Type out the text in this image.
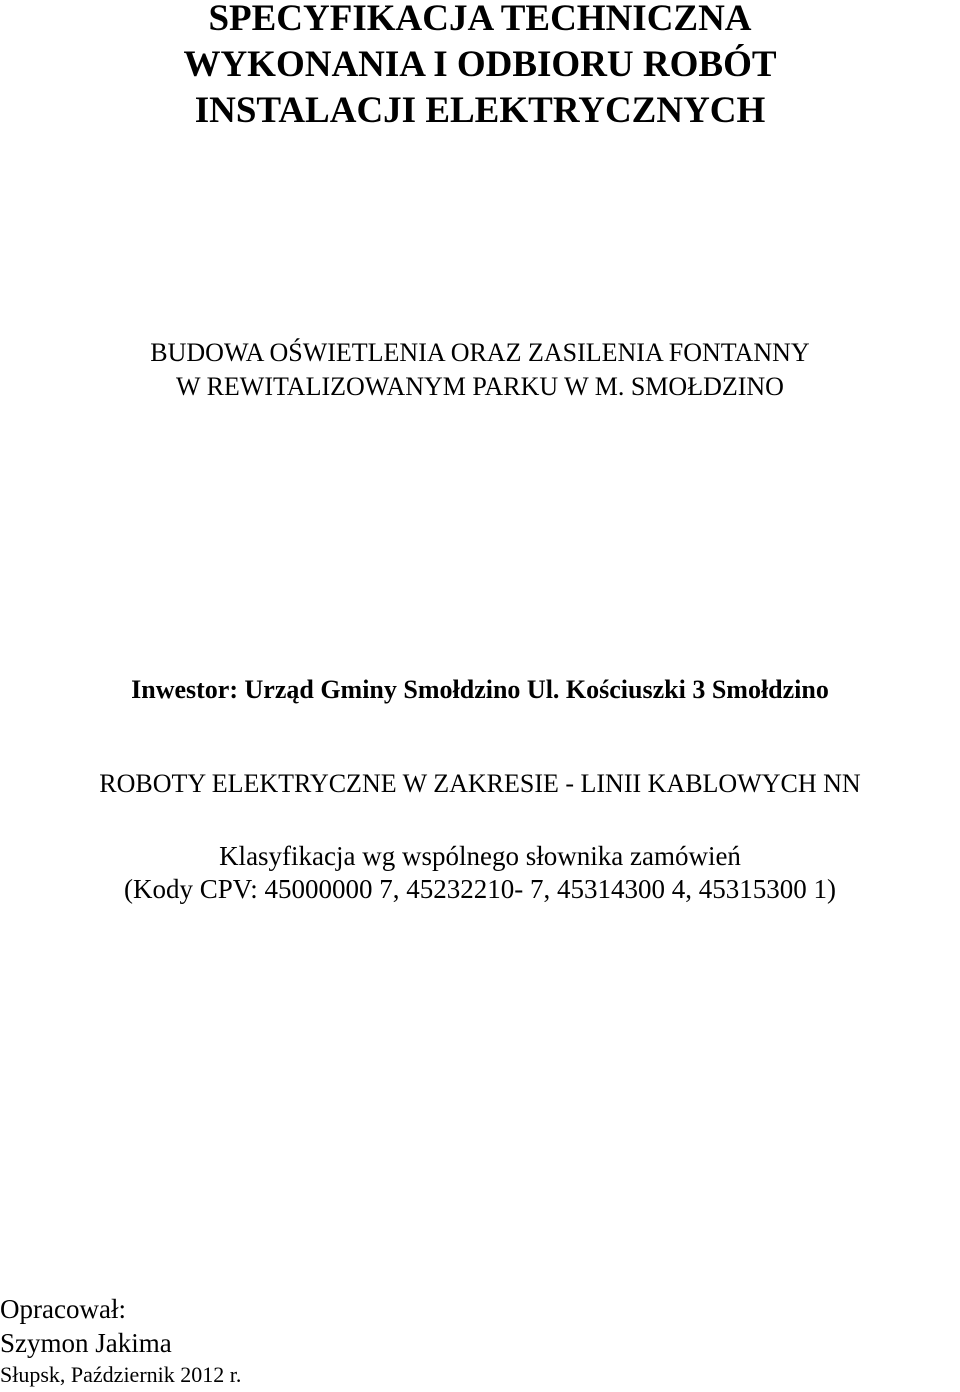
SPECYFIKACJA TECHNICZNA
WYKONANIA I ODBIORU ROBÓT
INSTALACJI ELEKTRYCZNYCH
BUDOWA OŚWIETLENIA ORAZ ZASILENIA FONTANNY
W REWITALIZOWANYM PARKU W M. SMOŁDZINO
Inwestor: Urząd Gminy Smołdzino Ul. Kościuszki 3 Smołdzino
ROBOTY ELEKTRYCZNE W ZAKRESIE - LINII KABLOWYCH NN
Klasyfikacja wg wspólnego słownika zamówień
(Kody CPV: 45000000 7, 45232210- 7, 45314300 4, 45315300 1)
Opracował:
Szymon Jakima
Słupsk, Październik 2012 r.
